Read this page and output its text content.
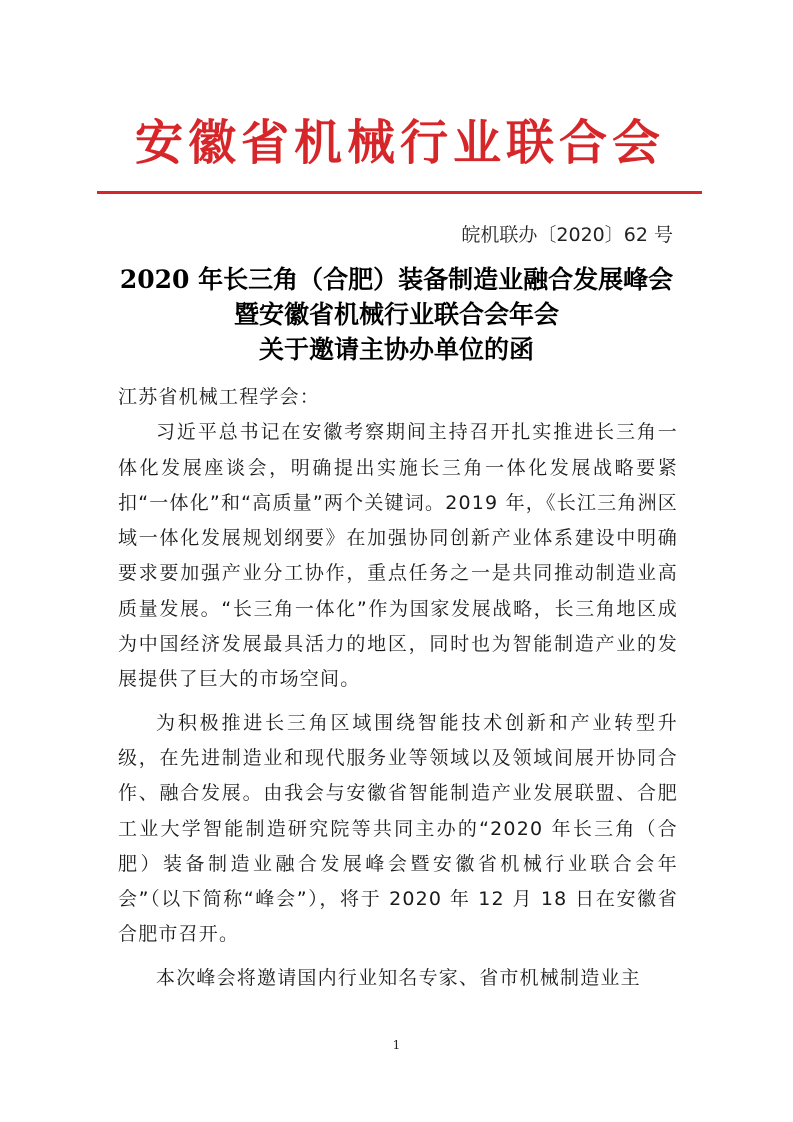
安徽省机械行业联合会
皖机联办〔2020〕62 号
2020 年长三角（合肥）装备制造业融合发展峰会
暨安徽省机械行业联合会年会
关于邀请主协办单位的函

江苏省机械工程学会：

习近平总书记在安徽考察期间主持召开扎实推进长三角一体化发展座谈会，明确提出实施长三角一体化发展战略要紧扣“一体化”和“高质量”两个关键词。2019 年，《长江三角洲区域一体化发展规划纲要》在加强协同创新产业体系建设中明确要求要加强产业分工协作，重点任务之一是共同推动制造业高质量发展。“长三角一体化”作为国家发展战略，长三角地区成为中国经济发展最具活力的地区，同时也为智能制造产业的发展提供了巨大的市场空间。

为积极推进长三角区域围绕智能技术创新和产业转型升级，在先进制造业和现代服务业等领域以及领域间展开协同合作、融合发展。由我会与安徽省智能制造产业发展联盟、合肥工业大学智能制造研究院等共同主办的“2020 年长三角（合肥）装备制造业融合发展峰会暨安徽省机械行业联合会年会”（以下简称“峰会”），将于 2020 年 12 月 18 日在安徽省合肥市召开。

本次峰会将邀请国内行业知名专家、省市机械制造业主

1
